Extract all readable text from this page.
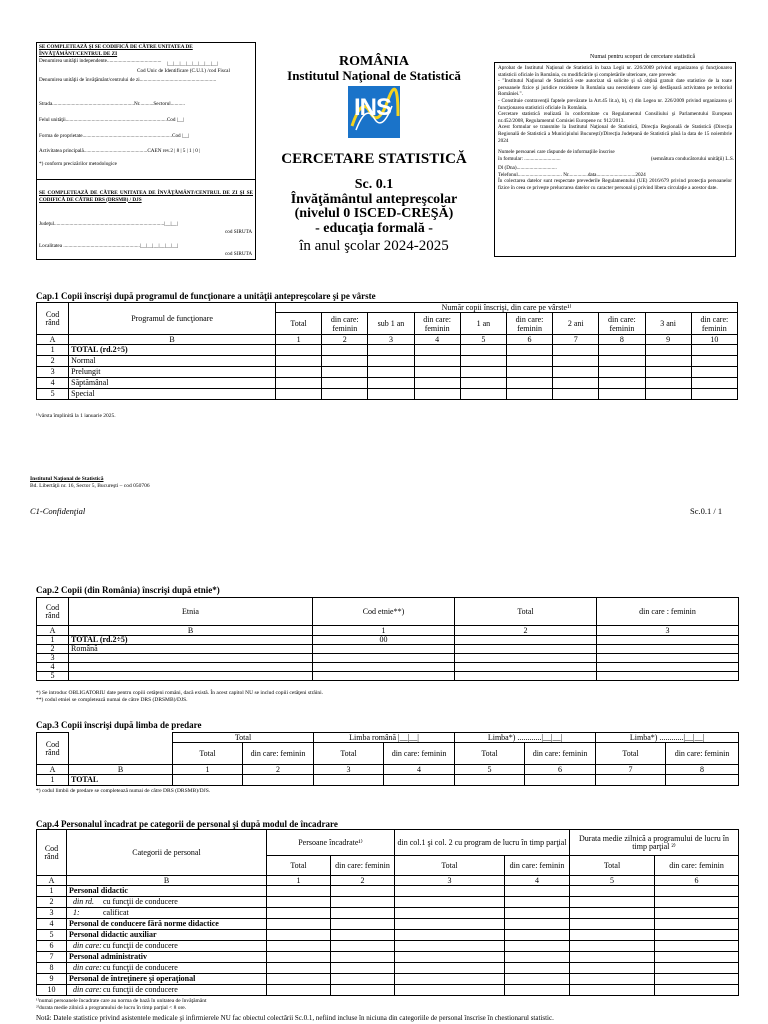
SE COMPLETEAZĂ ŞI SE CODIFICĂ DE CĂTRE UNITATEA DE ÎNVĂŢĂMÂNT/CENTRUL DE ZI
Denumirea unităţii independente.......................................... |__|__|__|__|__|__|__|__|
Cod Unic de Identificare (C.U.I.) /cod Fiscal
Denumirea unităţii de învăţământ/centrului de zi...........................................................
Strada...............................................................Nr...........Sectorul...........
Felul unităţii..............................................................................Cod |__|
Forma de proprietate.....................................................................Cod |__|
Activitatea principală.................................................CAEN rev.2 | 8 | 5 | 1 | 0 |
*) conform precizărilor metodologice
SE COMPLETEAZĂ DE CĂTRE UNITATEA DE ÎNVĂŢĂMÂNT/CENTRUL DE ZI ŞI SE CODIFICĂ DE CĂTRE DRS (DRSMB) / DJS
Judeţul.....................................................................................|__|__|
cod SIRUTA
Localitatea ...........................................................|__|__|__|__|__|__|
cod SIRUTA
ROMÂNIA
Institutul Naţional de Statistică
INS
CERCETARE STATISTICĂ
Sc. 0.1
Învăţământul antepreşcolar
(nivelul 0 ISCED-CREŞĂ)
- educaţia formală -
în anul şcolar 2024-2025
Numai pentru scopuri de cercetare statistică
Aprobat de Institutul Naţional de Statistică în baza Legii nr. 226/2009 privind organizarea şi funcţionarea statisticii oficiale în România, cu modificările şi completările ulterioare, care prevede:
- "Institutul Naţional de Statistică este autorizat să solicite şi să obţină gratuit date statistice de la toate persoanele fizice şi juridice rezidente în România sau nerezidente care îşi desfăşoară activitatea pe teritoriul României.".
- Constituie contravenţii faptele prevăzute la Art.45 lit.a), b), c) din Legea nr. 226/2009 privind organizarea şi funcţionarea statisticii oficiale în România.
Cercetare statistică realizată în conformitate cu Regulamentul Consiliului şi Parlamentului European nr.452/2008, Regulamentul Comisiei Europene nr. 912/2013.
Acest formular se transmite la Institutul Naţional de Statistică, Direcţia Regională de Statistică (Direcţia Regională de Statistică a Municipiului Bucureşti)/Direcţia Judeţeană de Statistică până la data de 15 noiembrie 2024
Numele persoanei care răspunde de informaţiile înscrise în formular: ............................	(semnătura conducătorului unităţii) L.S.
Dl (Dna)...............................
Telefonul.................................. Nr...............data..............................2024
În colectarea datelor sunt respectate prevederile Regulamentului (UE) 2016/679 privind protecţia persoanelor fizice în ceea ce priveşte prelucrarea datelor cu caracter personal şi privind libera circulaţie a acestor date.
Cap.1 Copii înscrişi după programul de funcţionare a unităţii antepreşcolare şi pe vârste
Cod rând	Programul de funcţionare	Număr copii înscrişi, din care pe vârste¹⁾									
		Total	din care: feminin	sub 1 an	din care: feminin	1 an	din care: feminin	2 ani	din care: feminin	3 ani	din care: feminin
A	B	1	2	3	4	5	6	7	8	9	10
1	TOTAL (rd.2÷5)										
2	Normal										
3	Prelungit										
4	Săptămânal										
5	Special										
¹⁾vârsta împlinită la 1 ianuarie 2025.
Institutul Naţional de Statistică
Bd. Libertăţii nr. 16, Sector 5, Bucureşti – cod 050706
C1-Confidenţial	Sc.0.1 / 1
Cap.2 Copii (din România) înscrişi după etnie*)
Cod rând	Etnia	Cod etnie**)	Total	din care : feminin
A	B	1	2	3
1	TOTAL (rd.2÷5)	00		
2	Română			
3				
4				
5				
*) Se introduc OBLIGATORIU date pentru copiii cetăţeni români, dacă există. În acest capitol NU se includ copiii cetăţeni străini.
**) codul etniei se completează numai de către DRS (DRSMB)/DJS.
Cap.3 Copii înscrişi după limba de predare
Cod rând		Total		Limba română |__|__|		Limba*) ............|__|__|		Limba*) ............|__|__|	
		Total	din care: feminin	Total	din care: feminin	Total	din care: feminin	Total	din care: feminin
A	B	1	2	3	4	5	6	7	8
1	TOTAL								
*) codul limbii de predare se completează numai de către DRS (DRSMB)/DJS.
Cap.4 Personalul încadrat pe categorii de personal şi după modul de încadrare
Cod rând	Categorii de personal	Persoane încadrate¹⁾		din col.1 şi col. 2 cu program de lucru în timp parţial		Durata medie zilnică a programului de lucru în timp parţial ²⁾	
		Total	din care: feminin	Total	din care: feminin	Total	din care: feminin
A	B	1	2	3	4	5	6
1	Personal didactic						
2	din rd. cu funcţii de conducere						
3	1: calificat						
4	Personal de conducere fără norme didactice						
5	Personal didactic auxiliar						
6	din care:cu funcţii de conducere						
7	Personal administrativ						
8	din care:cu funcţii de conducere						
9	Personal de întreţinere şi operaţional						
10	din care:cu funcţii de conducere						
¹⁾numai persoanele încadrate care au norma de bază în unitatea de învăţământ
²⁾durata medie zilnică a programului de lucru în timp parţial < 8 ore.
Notă: Datele statistice privind asistentele medicale şi infirmierele NU fac obiectul colectării Sc.0.1, nefiind incluse în niciuna din categoriile de personal înscrise în chestionarul statistic.
